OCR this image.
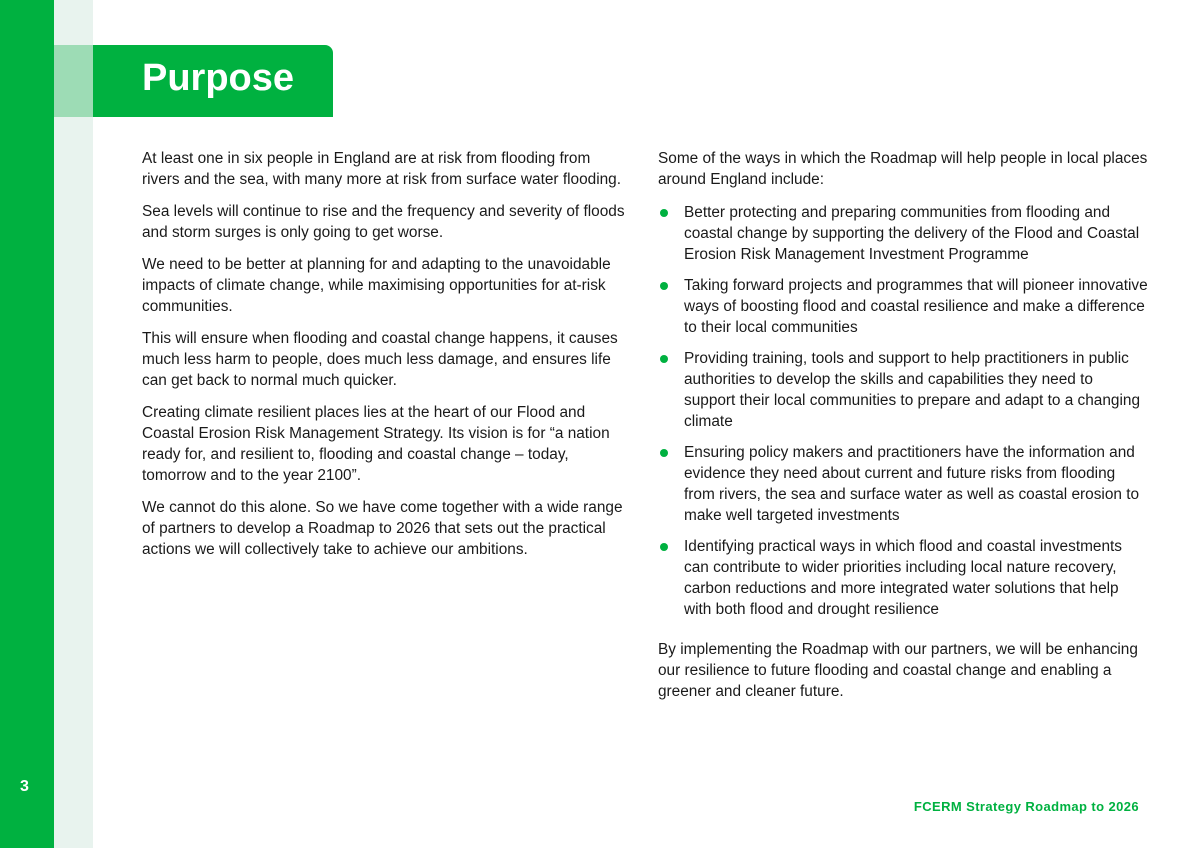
Purpose

At least one in six people in England are at risk from flooding from rivers and the sea, with many more at risk from surface water flooding.

Sea levels will continue to rise and the frequency and severity of floods and storm surges is only going to get worse.

We need to be better at planning for and adapting to the unavoidable impacts of climate change, while maximising opportunities for at-risk communities.

This will ensure when flooding and coastal change happens, it causes much less harm to people, does much less damage, and ensures life can get back to normal much quicker.

Creating climate resilient places lies at the heart of our Flood and Coastal Erosion Risk Management Strategy. Its vision is for “a nation ready for, and resilient to, flooding and coastal change – today, tomorrow and to the year 2100”.

We cannot do this alone. So we have come together with a wide range of partners to develop a Roadmap to 2026 that sets out the practical actions we will collectively take to achieve our ambitions.

Some of the ways in which the Roadmap will help people in local places around England include:

Better protecting and preparing communities from flooding and coastal change by supporting the delivery of the Flood and Coastal Erosion Risk Management Investment Programme
Taking forward projects and programmes that will pioneer innovative ways of boosting flood and coastal resilience and make a difference to their local communities
Providing training, tools and support to help practitioners in public authorities to develop the skills and capabilities they need to support their local communities to prepare and adapt to a changing climate
Ensuring policy makers and practitioners have the information and evidence they need about current and future risks from flooding from rivers, the sea and surface water as well as coastal erosion to make well targeted investments
Identifying practical ways in which flood and coastal investments can contribute to wider priorities including local nature recovery, carbon reductions and more integrated water solutions that help with both flood and drought resilience

By implementing the Roadmap with our partners, we will be enhancing our resilience to future flooding and coastal change and enabling a greener and cleaner future.

3
FCERM Strategy Roadmap to 2026
